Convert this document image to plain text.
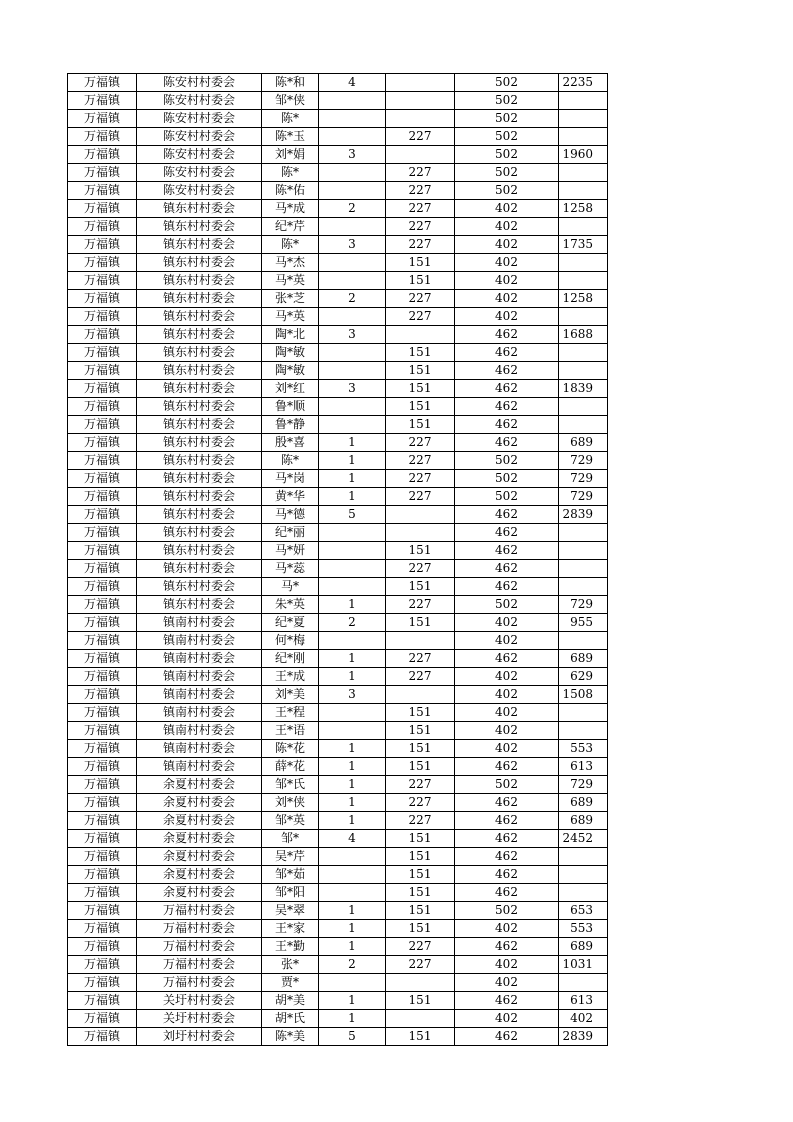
万福镇	陈安村村委会	陈*和	4		502	2235
万福镇	陈安村村委会	邹*侠			502	
万福镇	陈安村村委会	陈*			502	
万福镇	陈安村村委会	陈*玉		227	502	
万福镇	陈安村村委会	刘*娟	3		502	1960
万福镇	陈安村村委会	陈*		227	502	
万福镇	陈安村村委会	陈*佑		227	502	
万福镇	镇东村村委会	马*成	2	227	402	1258
万福镇	镇东村村委会	纪*芹		227	402	
万福镇	镇东村村委会	陈*	3	227	402	1735
万福镇	镇东村村委会	马*杰		151	402	
万福镇	镇东村村委会	马*英		151	402	
万福镇	镇东村村委会	张*芝	2	227	402	1258
万福镇	镇东村村委会	马*英		227	402	
万福镇	镇东村村委会	陶*北	3		462	1688
万福镇	镇东村村委会	陶*敏		151	462	
万福镇	镇东村村委会	陶*敏		151	462	
万福镇	镇东村村委会	刘*红	3	151	462	1839
万福镇	镇东村村委会	鲁*顺		151	462	
万福镇	镇东村村委会	鲁*静		151	462	
万福镇	镇东村村委会	殷*喜	1	227	462	689
万福镇	镇东村村委会	陈*	1	227	502	729
万福镇	镇东村村委会	马*岗	1	227	502	729
万福镇	镇东村村委会	黄*华	1	227	502	729
万福镇	镇东村村委会	马*德	5		462	2839
万福镇	镇东村村委会	纪*丽			462	
万福镇	镇东村村委会	马*妍		151	462	
万福镇	镇东村村委会	马*蕊		227	462	
万福镇	镇东村村委会	马*		151	462	
万福镇	镇东村村委会	朱*英	1	227	502	729
万福镇	镇南村村委会	纪*夏	2	151	402	955
万福镇	镇南村村委会	何*梅			402	
万福镇	镇南村村委会	纪*刚	1	227	462	689
万福镇	镇南村村委会	王*成	1	227	402	629
万福镇	镇南村村委会	刘*美	3		402	1508
万福镇	镇南村村委会	王*程		151	402	
万福镇	镇南村村委会	王*语		151	402	
万福镇	镇南村村委会	陈*花	1	151	402	553
万福镇	镇南村村委会	薛*花	1	151	462	613
万福镇	余夏村村委会	邹*氏	1	227	502	729
万福镇	余夏村村委会	刘*侠	1	227	462	689
万福镇	余夏村村委会	邹*英	1	227	462	689
万福镇	余夏村村委会	邹*	4	151	462	2452
万福镇	余夏村村委会	吴*芹		151	462	
万福镇	余夏村村委会	邹*茹		151	462	
万福镇	余夏村村委会	邹*阳		151	462	
万福镇	万福村村委会	吴*翠	1	151	502	653
万福镇	万福村村委会	王*家	1	151	402	553
万福镇	万福村村委会	王*勤	1	227	462	689
万福镇	万福村村委会	张*	2	227	402	1031
万福镇	万福村村委会	贾*			402	
万福镇	关圩村村委会	胡*美	1	151	462	613
万福镇	关圩村村委会	胡*氏	1		402	402
万福镇	刘圩村村委会	陈*美	5	151	462	2839
